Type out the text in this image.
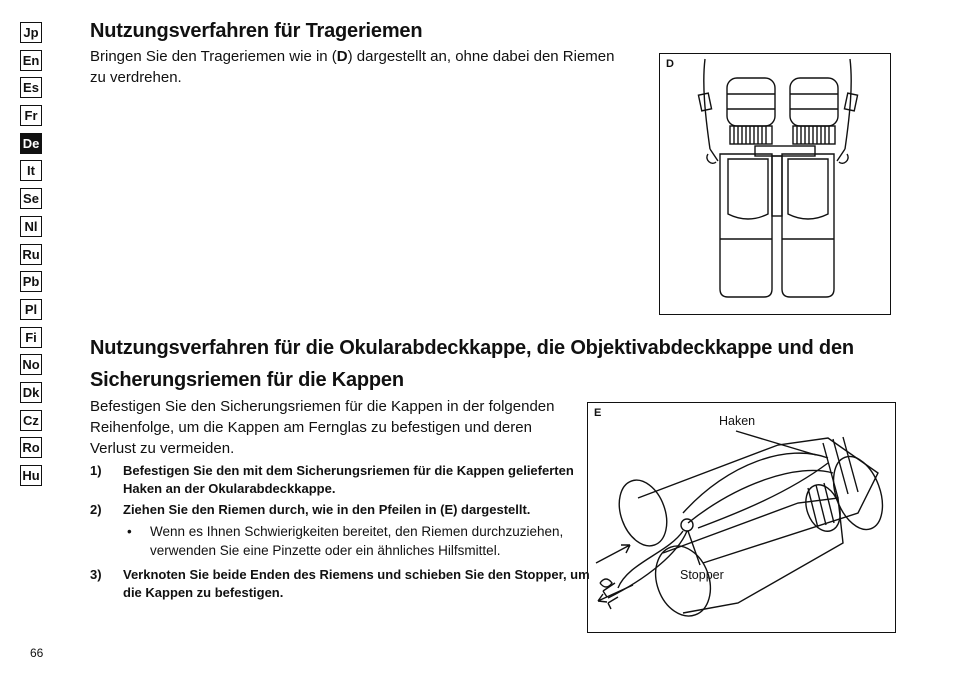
Jp
En
Es
Fr
De
It
Se
Nl
Ru
Pb
Pl
Fi
No
Dk
Cz
Ro
Hu
Nutzungsverfahren für Trageriemen
Bringen Sie den Trageriemen wie in (D) dargestellt an, ohne dabei den Riemen zu verdrehen.
D
Nutzungsverfahren für die Okularabdeckkappe, die Objektivabdeckkappe und den
Sicherungsriemen für die Kappen
Befestigen Sie den Sicherungsriemen für die Kappen in der folgenden Reihenfolge, um die Kappen am Fernglas zu befestigen und deren Verlust zu vermeiden.
1)	Befestigen Sie den mit dem Sicherungsriemen für die Kappen gelieferten Haken an der Okularabdeckkappe.
2)	Ziehen Sie den Riemen durch, wie in den Pfeilen in (E) dargestellt.
•	Wenn es Ihnen Schwierigkeiten bereitet, den Riemen durchzuziehen, verwenden Sie eine Pinzette oder ein ähnliches Hilfsmittel.
3)	Verknoten Sie beide Enden des Riemens und schieben Sie den Stopper, um die Kappen zu befestigen.
E
Haken
Stopper
66
